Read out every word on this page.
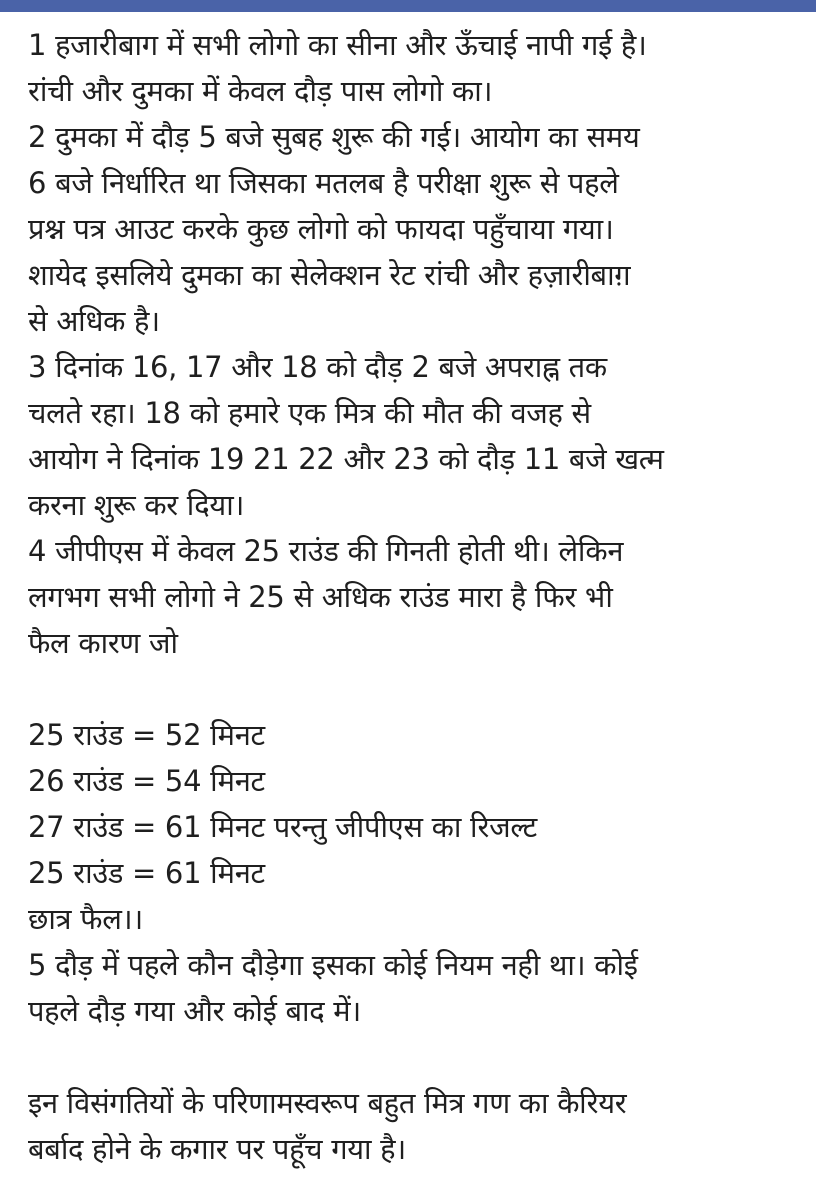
1 हजारीबाग में सभी लोगो का सीना और ऊँचाई नापी गई है।
रांची और दुमका में केवल दौड़ पास लोगो का।
2 दुमका में दौड़ 5 बजे सुबह शुरू की गई। आयोग का समय
6 बजे निर्धारित था जिसका मतलब है परीक्षा शुरू से पहले
प्रश्न पत्र आउट करके कुछ लोगो को फायदा पहुँचाया गया।
शायेद इसलिये दुमका का सेलेक्शन रेट रांची और हज़ारीबाग़
से अधिक है।
3 दिनांक 16, 17 और 18 को दौड़ 2 बजे अपराह्न तक
चलते रहा। 18 को हमारे एक मित्र की मौत की वजह से
आयोग ने दिनांक 19 21 22 और 23 को दौड़ 11 बजे खत्म
करना शुरू कर दिया।
4 जीपीएस में केवल 25 राउंड की गिनती होती थी। लेकिन
लगभग सभी लोगो ने 25 से अधिक राउंड मारा है फिर भी
फैल कारण जो
25 राउंड = 52 मिनट
26 राउंड = 54 मिनट
27 राउंड = 61 मिनट परन्तु जीपीएस का रिजल्ट
25 राउंड = 61 मिनट
छात्र फैल।।
5 दौड़ में पहले कौन दौड़ेगा इसका कोई नियम नही था। कोई
पहले दौड़ गया और कोई बाद में।
इन विसंगतियों के परिणामस्वरूप बहुत मित्र गण का कैरियर
बर्बाद होने के कगार पर पहूँच गया है।
